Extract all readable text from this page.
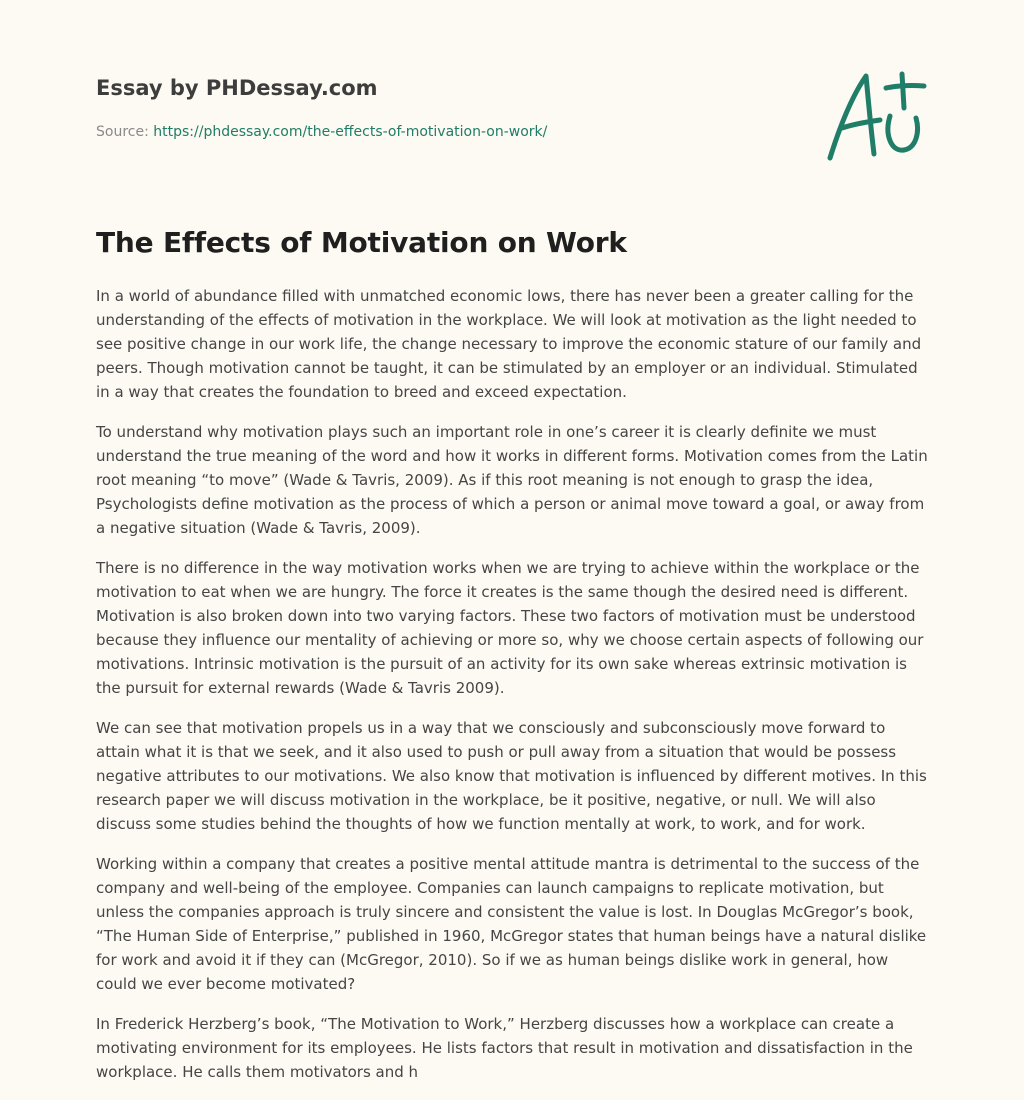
Essay by PHDessay.com
Source: https://phdessay.com/the-effects-of-motivation-on-work/
The Effects of Motivation on Work

In a world of abundance filled with unmatched economic lows, there has never been a greater calling for the understanding of the effects of motivation in the workplace. We will look at motivation as the light needed to see positive change in our work life, the change necessary to improve the economic stature of our family and peers. Though motivation cannot be taught, it can be stimulated by an employer or an individual. Stimulated in a way that creates the foundation to breed and exceed expectation.

To understand why motivation plays such an important role in one’s career it is clearly definite we must understand the true meaning of the word and how it works in different forms. Motivation comes from the Latin root meaning “to move” (Wade & Tavris, 2009). As if this root meaning is not enough to grasp the idea, Psychologists define motivation as the process of which a person or animal move toward a goal, or away from a negative situation (Wade & Tavris, 2009).

There is no difference in the way motivation works when we are trying to achieve within the workplace or the motivation to eat when we are hungry. The force it creates is the same though the desired need is different. Motivation is also broken down into two varying factors. These two factors of motivation must be understood because they influence our mentality of achieving or more so, why we choose certain aspects of following our motivations. Intrinsic motivation is the pursuit of an activity for its own sake whereas extrinsic motivation is the pursuit for external rewards (Wade & Tavris 2009).

We can see that motivation propels us in a way that we consciously and subconsciously move forward to attain what it is that we seek, and it also used to push or pull away from a situation that would be possess negative attributes to our motivations. We also know that motivation is influenced by different motives. In this research paper we will discuss motivation in the workplace, be it positive, negative, or null. We will also discuss some studies behind the thoughts of how we function mentally at work, to work, and for work.

Working within a company that creates a positive mental attitude mantra is detrimental to the success of the company and well-being of the employee. Companies can launch campaigns to replicate motivation, but unless the companies approach is truly sincere and consistent the value is lost. In Douglas McGregor’s book, “The Human Side of Enterprise,” published in 1960, McGregor states that human beings have a natural dislike for work and avoid it if they can (McGregor, 2010). So if we as human beings dislike work in general, how could we ever become motivated?

In Frederick Herzberg’s book, “The Motivation to Work,” Herzberg discusses how a workplace can create a motivating environment for its employees. He lists factors that result in motivation and dissatisfaction in the workplace. He calls them motivators and h
